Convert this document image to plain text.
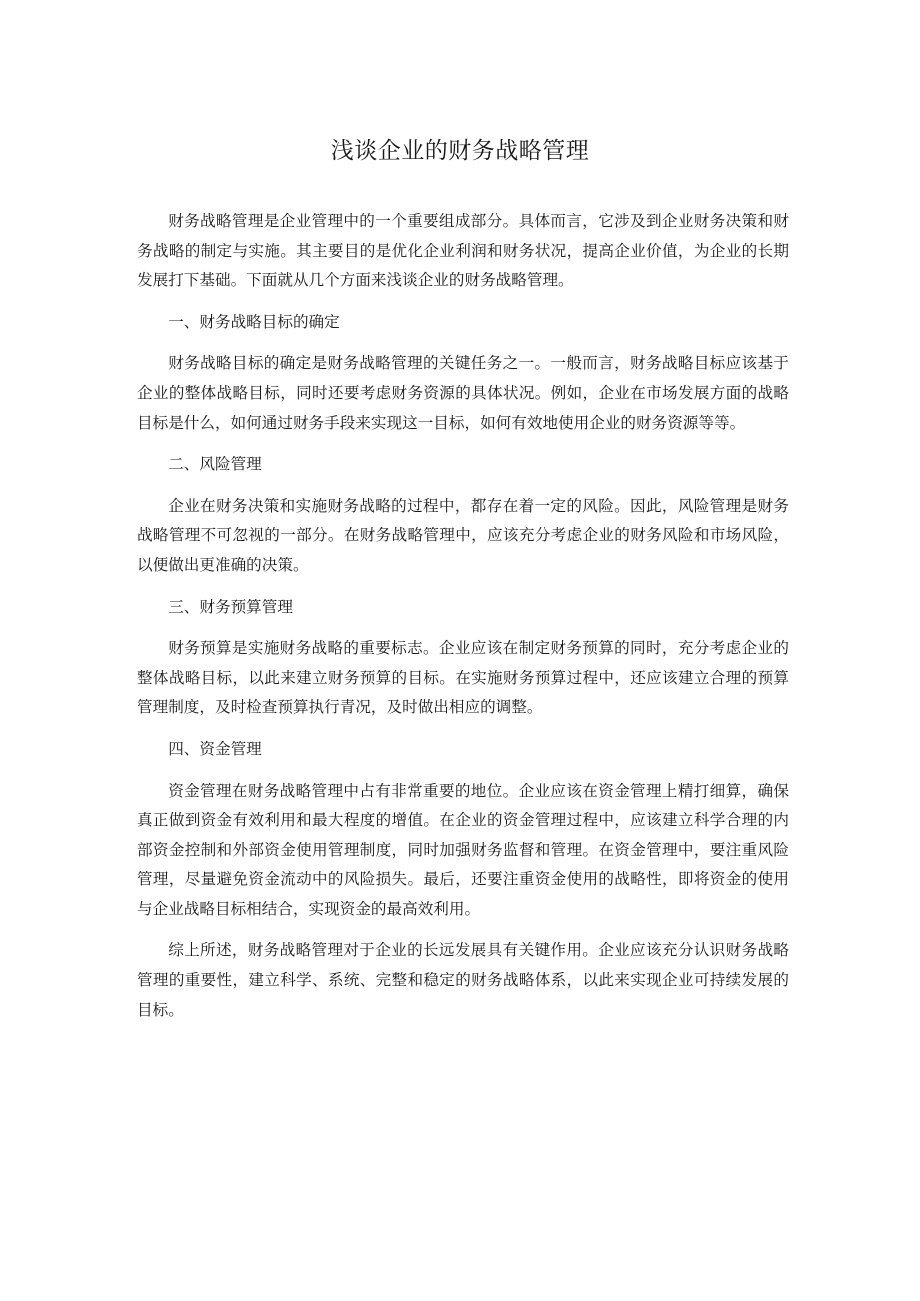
浅谈企业的财务战略管理

财务战略管理是企业管理中的一个重要组成部分。具体而言，它涉及到企业财务决策和财务战略的制定与实施。其主要目的是优化企业利润和财务状况，提高企业价值，为企业的长期发展打下基础。下面就从几个方面来浅谈企业的财务战略管理。

一、财务战略目标的确定

财务战略目标的确定是财务战略管理的关键任务之一。一般而言，财务战略目标应该基于企业的整体战略目标，同时还要考虑财务资源的具体状况。例如，企业在市场发展方面的战略目标是什么，如何通过财务手段来实现这一目标，如何有效地使用企业的财务资源等等。

二、风险管理

企业在财务决策和实施财务战略的过程中，都存在着一定的风险。因此，风险管理是财务战略管理不可忽视的一部分。在财务战略管理中，应该充分考虑企业的财务风险和市场风险，以便做出更准确的决策。

三、财务预算管理

财务预算是实施财务战略的重要标志。企业应该在制定财务预算的同时，充分考虑企业的整体战略目标，以此来建立财务预算的目标。在实施财务预算过程中，还应该建立合理的预算管理制度，及时检查预算执行青况，及时做出相应的调整。

四、资金管理

资金管理在财务战略管理中占有非常重要的地位。企业应该在资金管理上精打细算，确保真正做到资金有效利用和最大程度的增值。在企业的资金管理过程中，应该建立科学合理的内部资金控制和外部资金使用管理制度，同时加强财务监督和管理。在资金管理中，要注重风险管理，尽量避免资金流动中的风险损失。最后，还要注重资金使用的战略性，即将资金的使用与企业战略目标相结合，实现资金的最高效利用。

综上所述，财务战略管理对于企业的长远发展具有关键作用。企业应该充分认识财务战略管理的重要性，建立科学、系统、完整和稳定的财务战略体系，以此来实现企业可持续发展的目标。
